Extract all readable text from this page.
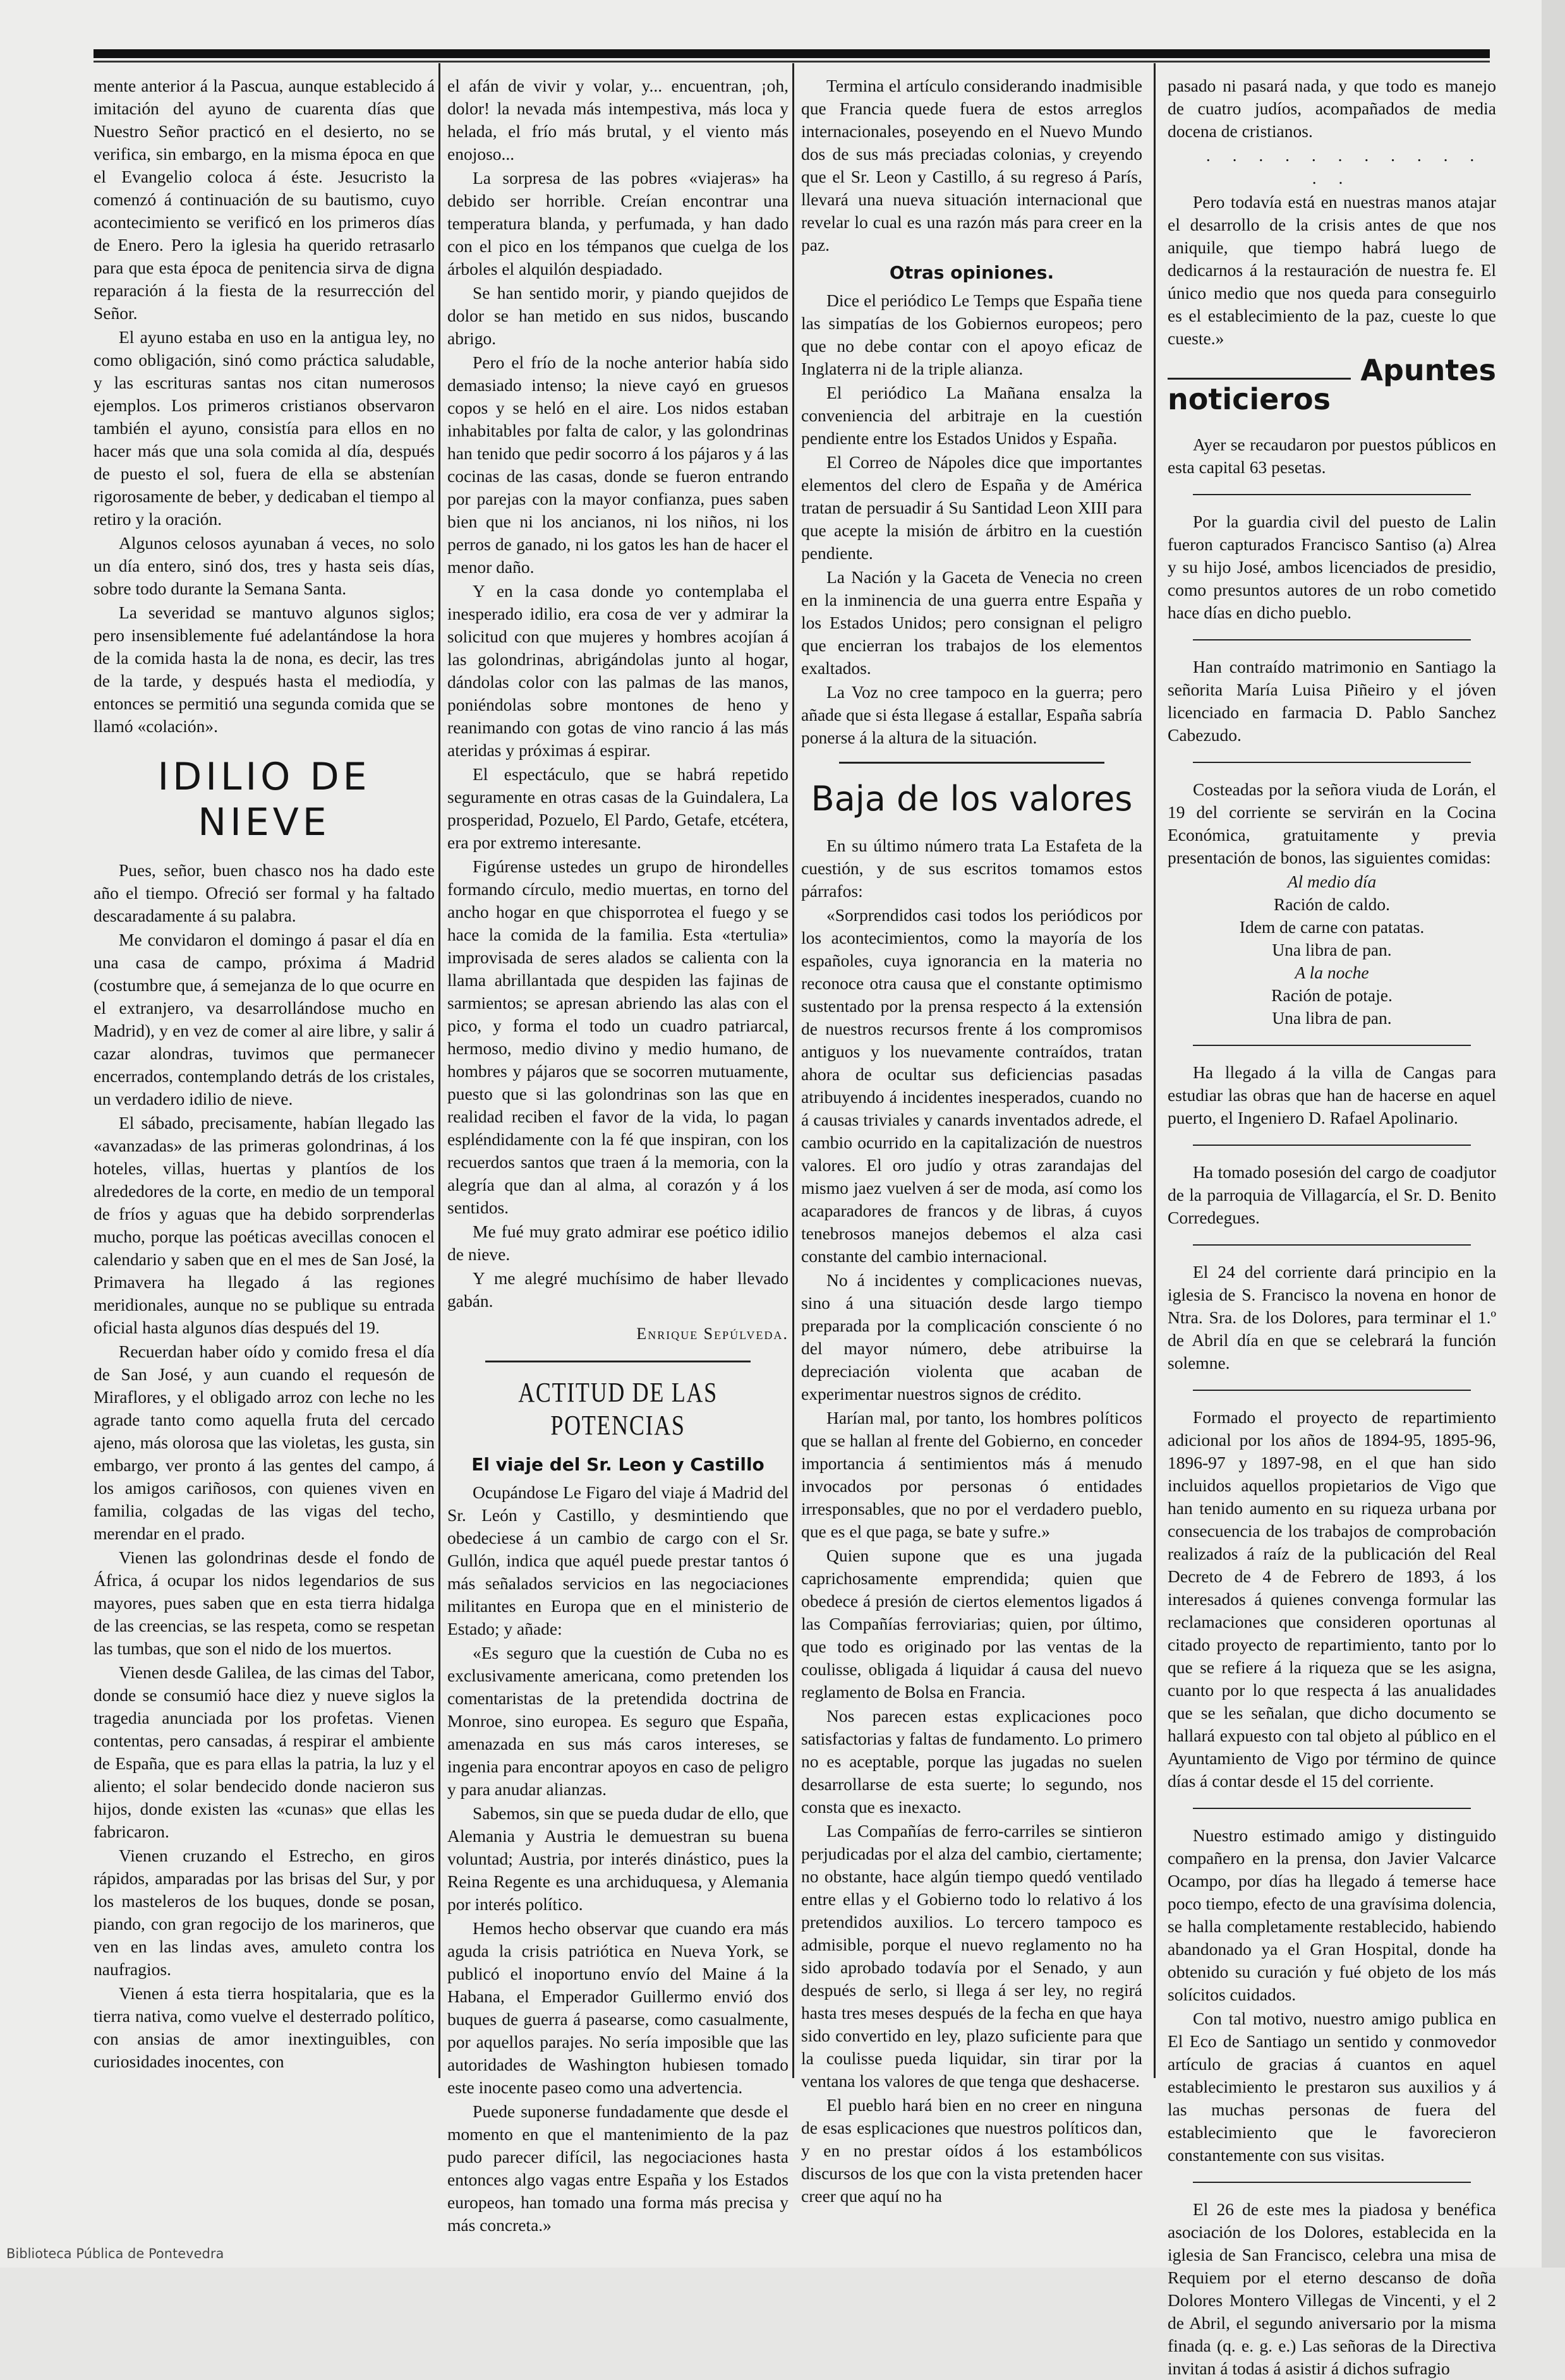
mente anterior á la Pascua, aunque establecido á imitación del ayuno de cuarenta días que Nuestro Señor practicó en el desierto, no se verifica, sin embargo, en la misma época en que el Evangelio coloca á éste. Jesucristo la comenzó á continuación de su bautismo, cuyo acontecimiento se verificó en los primeros días de Enero. Pero la iglesia ha querido retrasarlo para que esta época de penitencia sirva de digna reparación á la fiesta de la resurrección del Señor.

El ayuno estaba en uso en la antigua ley, no como obligación, sinó como práctica saludable, y las escrituras santas nos citan numerosos ejemplos. Los primeros cristianos observaron también el ayuno, consistía para ellos en no hacer más que una sola comida al día, después de puesto el sol, fuera de ella se abstenían rigorosamente de beber, y dedicaban el tiempo al retiro y la oración.

Algunos celosos ayunaban á veces, no solo un día entero, sinó dos, tres y hasta seis días, sobre todo durante la Semana Santa.

La severidad se mantuvo algunos siglos; pero insensiblemente fué adelantándose la hora de la comida hasta la de nona, es decir, las tres de la tarde, y después hasta el mediodía, y entonces se permitió una segunda comida que se llamó «colación».

IDILIO DE NIEVE

Pues, señor, buen chasco nos ha dado este año el tiempo. Ofreció ser formal y ha faltado descaradamente á su palabra.

Me convidaron el domingo á pasar el día en una casa de campo, próxima á Madrid (costumbre que, á semejanza de lo que ocurre en el extranjero, va desarrollándose mucho en Madrid), y en vez de comer al aire libre, y salir á cazar alondras, tuvimos que permanecer encerrados, contemplando detrás de los cristales, un verdadero idilio de nieve.

El sábado, precisamente, habían llegado las «avanzadas» de las primeras golondrinas, á los hoteles, villas, huertas y plantíos de los alrededores de la corte, en medio de un temporal de fríos y aguas que ha debido sorprenderlas mucho, porque las poéticas avecillas conocen el calendario y saben que en el mes de San José, la Primavera ha llegado á las regiones meridionales, aunque no se publique su entrada oficial hasta algunos días después del 19.

Recuerdan haber oído y comido fresa el día de San José, y aun cuando el requesón de Miraflores, y el obligado arroz con leche no les agrade tanto como aquella fruta del cercado ajeno, más olorosa que las violetas, les gusta, sin embargo, ver pronto á las gentes del campo, á los amigos cariñosos, con quienes viven en familia, colgadas de las vigas del techo, merendar en el prado.

Vienen las golondrinas desde el fondo de África, á ocupar los nidos legendarios de sus mayores, pues saben que en esta tierra hidalga de las creencias, se las respeta, como se respetan las tumbas, que son el nido de los muertos.

Vienen desde Galilea, de las cimas del Tabor, donde se consumió hace diez y nueve siglos la tragedia anunciada por los profetas. Vienen contentas, pero cansadas, á respirar el ambiente de España, que es para ellas la patria, la luz y el aliento; el solar bendecido donde nacieron sus hijos, donde existen las «cunas» que ellas les fabricaron.

Vienen cruzando el Estrecho, en giros rápidos, amparadas por las brisas del Sur, y por los masteleros de los buques, donde se posan, piando, con gran regocijo de los marineros, que ven en las lindas aves, amuleto contra los naufragios.

Vienen á esta tierra hospitalaria, que es la tierra nativa, como vuelve el desterrado político, con ansias de amor inextinguibles, con curiosidades inocentes, con

el afán de vivir y volar, y... encuentran, ¡oh, dolor! la nevada más intempestiva, más loca y helada, el frío más brutal, y el viento más enojoso...

La sorpresa de las pobres «viajeras» ha debido ser horrible. Creían encontrar una temperatura blanda, y perfumada, y han dado con el pico en los témpanos que cuelga de los árboles el alquilón despiadado.

Se han sentido morir, y piando quejidos de dolor se han metido en sus nidos, buscando abrigo.

Pero el frío de la noche anterior había sido demasiado intenso; la nieve cayó en gruesos copos y se heló en el aire. Los nidos estaban inhabitables por falta de calor, y las golondrinas han tenido que pedir socorro á los pájaros y á las cocinas de las casas, donde se fueron entrando por parejas con la mayor confianza, pues saben bien que ni los ancianos, ni los niños, ni los perros de ganado, ni los gatos les han de hacer el menor daño.

Y en la casa donde yo contemplaba el inesperado idilio, era cosa de ver y admirar la solicitud con que mujeres y hombres acojían á las golondrinas, abrigándolas junto al hogar, dándolas color con las palmas de las manos, poniéndolas sobre montones de heno y reanimando con gotas de vino rancio á las más ateridas y próximas á espirar.

El espectáculo, que se habrá repetido seguramente en otras casas de la Guindalera, La prosperidad, Pozuelo, El Pardo, Getafe, etcétera, era por extremo interesante.

Figúrense ustedes un grupo de hirondelles formando círculo, medio muertas, en torno del ancho hogar en que chisporrotea el fuego y se hace la comida de la familia. Esta «tertulia» improvisada de seres alados se calienta con la llama abrillantada que despiden las fajinas de sarmientos; se apresan abriendo las alas con el pico, y forma el todo un cuadro patriarcal, hermoso, medio divino y medio humano, de hombres y pájaros que se socorren mutuamente, puesto que si las golondrinas son las que en realidad reciben el favor de la vida, lo pagan espléndidamente con la fé que inspiran, con los recuerdos santos que traen á la memoria, con la alegría que dan al alma, al corazón y á los sentidos.

Me fué muy grato admirar ese poético idilio de nieve.

Y me alegré muchísimo de haber llevado gabán.

Enrique Sepúlveda.
ACTITUD DE LAS POTENCIAS
El viaje del Sr. Leon y Castillo

Ocupándose Le Figaro del viaje á Madrid del Sr. León y Castillo, y desmintiendo que obedeciese á un cambio de cargo con el Sr. Gullón, indica que aquél puede prestar tantos ó más señalados servicios en las negociaciones militantes en Europa que en el ministerio de Estado; y añade:

«Es seguro que la cuestión de Cuba no es exclusivamente americana, como pretenden los comentaristas de la pretendida doctrina de Monroe, sino europea. Es seguro que España, amenazada en sus más caros intereses, se ingenia para encontrar apoyos en caso de peligro y para anudar alianzas.

Sabemos, sin que se pueda dudar de ello, que Alemania y Austria le demuestran su buena voluntad; Austria, por interés dinástico, pues la Reina Regente es una archiduquesa, y Alemania por interés político.

Hemos hecho observar que cuando era más aguda la crisis patriótica en Nueva York, se publicó el inoportuno envío del Maine á la Habana, el Emperador Guillermo envió dos buques de guerra á pasearse, como casualmente, por aquellos parajes. No sería imposible que las autoridades de Washington hubiesen tomado este inocente paseo como una advertencia.

Puede suponerse fundadamente que desde el momento en que el mantenimiento de la paz pudo parecer difícil, las negociaciones hasta entonces algo vagas entre España y los Estados europeos, han tomado una forma más precisa y más concreta.»

Termina el artículo considerando inadmisible que Francia quede fuera de estos arreglos internacionales, poseyendo en el Nuevo Mundo dos de sus más preciadas colonias, y creyendo que el Sr. Leon y Castillo, á su regreso á París, llevará una nueva situación internacional que revelar lo cual es una razón más para creer en la paz.

Otras opiniones.

Dice el periódico Le Temps que España tiene las simpatías de los Gobiernos europeos; pero que no debe contar con el apoyo eficaz de Inglaterra ni de la triple alianza.

El periódico La Mañana ensalza la conveniencia del arbitraje en la cuestión pendiente entre los Estados Unidos y España.

El Correo de Nápoles dice que importantes elementos del clero de España y de América tratan de persuadir á Su Santidad Leon XIII para que acepte la misión de árbitro en la cuestión pendiente.

La Nación y la Gaceta de Venecia no creen en la inminencia de una guerra entre España y los Estados Unidos; pero consignan el peligro que encierran los trabajos de los elementos exaltados.

La Voz no cree tampoco en la guerra; pero añade que si ésta llegase á estallar, España sabría ponerse á la altura de la situación.

Baja de los valores

En su último número trata La Estafeta de la cuestión, y de sus escritos tomamos estos párrafos:

«Sorprendidos casi todos los periódicos por los acontecimientos, como la mayoría de los españoles, cuya ignorancia en la materia no reconoce otra causa que el constante optimismo sustentado por la prensa respecto á la extensión de nuestros recursos frente á los compromisos antiguos y los nuevamente contraídos, tratan ahora de ocultar sus deficiencias pasadas atribuyendo á incidentes inesperados, cuando no á causas triviales y canards inventados adrede, el cambio ocurrido en la capitalización de nuestros valores. El oro judío y otras zarandajas del mismo jaez vuelven á ser de moda, así como los acaparadores de francos y de libras, á cuyos tenebrosos manejos debemos el alza casi constante del cambio internacional.

No á incidentes y complicaciones nuevas, sino á una situación desde largo tiempo preparada por la complicación consciente ó no del mayor número, debe atribuirse la depreciación violenta que acaban de experimentar nuestros signos de crédito.

Harían mal, por tanto, los hombres políticos que se hallan al frente del Gobierno, en conceder importancia á sentimientos más á menudo invocados por personas ó entidades irresponsables, que no por el verdadero pueblo, que es el que paga, se bate y sufre.»

Quien supone que es una jugada caprichosamente emprendida; quien que obedece á presión de ciertos elementos ligados á las Compañías ferroviarias; quien, por último, que todo es originado por las ventas de la coulisse, obligada á liquidar á causa del nuevo reglamento de Bolsa en Francia.

Nos parecen estas explicaciones poco satisfactorias y faltas de fundamento. Lo primero no es aceptable, porque las jugadas no suelen desarrollarse de esta suerte; lo segundo, nos consta que es inexacto.

Las Compañías de ferro-carriles se sintieron perjudicadas por el alza del cambio, ciertamente; no obstante, hace algún tiempo quedó ventilado entre ellas y el Gobierno todo lo relativo á los pretendidos auxilios. Lo tercero tampoco es admisible, porque el nuevo reglamento no ha sido aprobado todavía por el Senado, y aun después de serlo, si llega á ser ley, no regirá hasta tres meses después de la fecha en que haya sido convertido en ley, plazo suficiente para que la coulisse pueda liquidar, sin tirar por la ventana los valores de que tenga que deshacerse.

El pueblo hará bien en no creer en ninguna de esas esplicaciones que nuestros políticos dan, y en no prestar oídos á los estambólicos discursos de los que con la vista pretenden hacer creer que aquí no ha

pasado ni pasará nada, y que todo es manejo de cuatro judíos, acompañados de media docena de cristianos.

. . . . . . . . . . . . .

Pero todavía está en nuestras manos atajar el desarrollo de la crisis antes de que nos aniquile, que tiempo habrá luego de dedicarnos á la restauración de nuestra fe. El único medio que nos queda para conseguirlo es el establecimiento de la paz, cueste lo que cueste.»

Apuntes
noticieros

Ayer se recaudaron por puestos públicos en esta capital 63 pesetas.

Por la guardia civil del puesto de Lalin fueron capturados Francisco Santiso (a) Alrea y su hijo José, ambos licenciados de presidio, como presuntos autores de un robo cometido hace días en dicho pueblo.

Han contraído matrimonio en Santiago la señorita María Luisa Piñeiro y el jóven licenciado en farmacia D. Pablo Sanchez Cabezudo.

Costeadas por la señora viuda de Lorán, el 19 del corriente se servirán en la Cocina Económica, gratuitamente y previa presentación de bonos, las siguientes comidas:

Al medio día
Ración de caldo.
Idem de carne con patatas.
Una libra de pan.
A la noche
Ración de potaje.
Una libra de pan.

Ha llegado á la villa de Cangas para estudiar las obras que han de hacerse en aquel puerto, el Ingeniero D. Rafael Apolinario.

Ha tomado posesión del cargo de coadjutor de la parroquia de Villagarcía, el Sr. D. Benito Corredegues.

El 24 del corriente dará principio en la iglesia de S. Francisco la novena en honor de Ntra. Sra. de los Dolores, para terminar el 1.º de Abril día en que se celebrará la función solemne.

Formado el proyecto de repartimiento adicional por los años de 1894-95, 1895-96, 1896-97 y 1897-98, en el que han sido incluidos aquellos propietarios de Vigo que han tenido aumento en su riqueza urbana por consecuencia de los trabajos de comprobación realizados á raíz de la publicación del Real Decreto de 4 de Febrero de 1893, á los interesados á quienes convenga formular las reclamaciones que consideren oportunas al citado proyecto de repartimiento, tanto por lo que se refiere á la riqueza que se les asigna, cuanto por lo que respecta á las anualidades que se les señalan, que dicho documento se hallará expuesto con tal objeto al público en el Ayuntamiento de Vigo por término de quince días á contar desde el 15 del corriente.

Nuestro estimado amigo y distinguido compañero en la prensa, don Javier Valcarce Ocampo, por días ha llegado á temerse hace poco tiempo, efecto de una gravísima dolencia, se halla completamente restablecido, habiendo abandonado ya el Gran Hospital, donde ha obtenido su curación y fué objeto de los más solícitos cuidados.

Con tal motivo, nuestro amigo publica en El Eco de Santiago un sentido y conmovedor artículo de gracias á cuantos en aquel establecimiento le prestaron sus auxilios y á las muchas personas de fuera del establecimiento que le favorecieron constantemente con sus visitas.

El 26 de este mes la piadosa y benéfica asociación de los Dolores, establecida en la iglesia de San Francisco, celebra una misa de Requiem por el eterno descanso de doña Dolores Montero Villegas de Vincenti, y el 2 de Abril, el segundo aniversario por la misma finada (q. e. g. e.) Las señoras de la Directiva invitan á todas á asistir á dichos sufragio

Biblioteca Pública de Pontevedra
